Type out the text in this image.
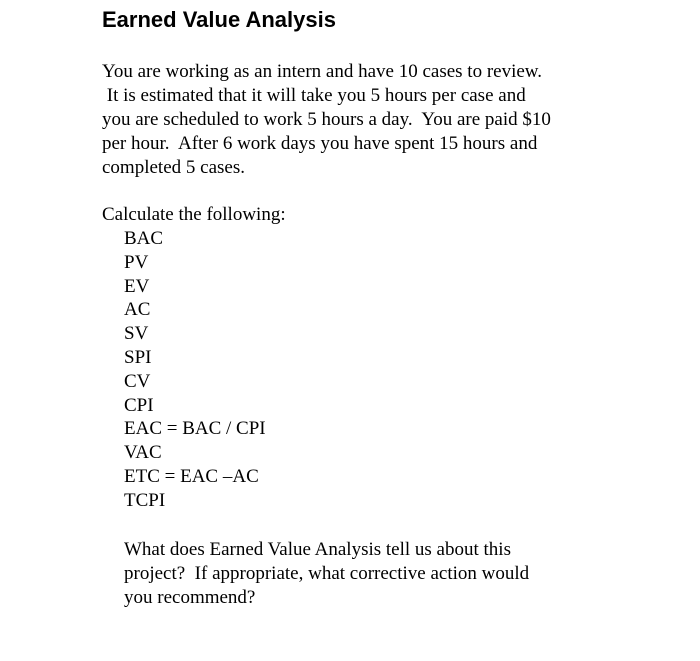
Earned Value Analysis

You are working as an intern and have 10 cases to review.
It is estimated that it will take you 5 hours per case and
you are scheduled to work 5 hours a day.  You are paid $10
per hour.  After 6 work days you have spent 15 hours and
completed 5 cases.

Calculate the following:

BAC
PV
EV
AC
SV
SPI
CV
CPI
EAC = BAC / CPI
VAC
ETC = EAC –AC
TCPI

What does Earned Value Analysis tell us about this
project?  If appropriate, what corrective action would
you recommend?
